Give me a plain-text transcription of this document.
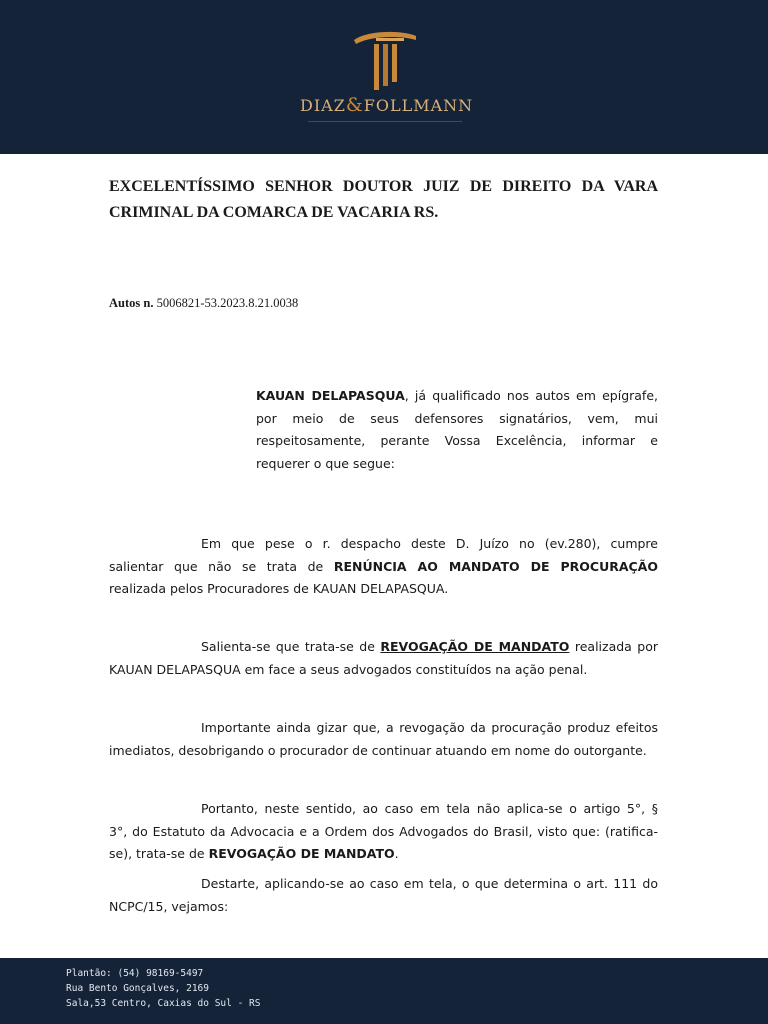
DIAZ&FOLLMANN
EXCELENTÍSSIMO SENHOR DOUTOR JUIZ DE DIREITO DA VARA
CRIMINAL DA COMARCA DE VACARIA RS.
Autos n. 5006821-53.2023.8.21.0038
KAUAN DELAPASQUA, já qualificado nos autos em epígrafe,
por meio de seus defensores signatários, vem, mui
respeitosamente, perante Vossa Excelência, informar e
requerer o que segue:
Em que pese o r. despacho deste D. Juízo no (ev.280), cumpre
salientar que não se trata de RENÚNCIA AO MANDATO DE PROCURAÇÃO
realizada pelos Procuradores de KAUAN DELAPASQUA.
Salienta-se que trata-se de REVOGAÇÃO DE MANDATO realizada por
KAUAN DELAPASQUA em face a seus advogados constituídos na ação penal.
Importante ainda gizar que, a revogação da procuração produz efeitos
imediatos, desobrigando o procurador de continuar atuando em nome do outorgante.
Portanto, neste sentido, ao caso em tela não aplica-se o artigo 5°, §
3°, do Estatuto da Advocacia e a Ordem dos Advogados do Brasil, visto que: (ratifica-
se), trata-se de REVOGAÇÃO DE MANDATO.
Destarte, aplicando-se ao caso em tela, o que determina o art. 111 do
NCPC/15, vejamos:
Plantão: (54) 98169-5497
Rua Bento Gonçalves, 2169
Sala,53 Centro, Caxias do Sul - RS
